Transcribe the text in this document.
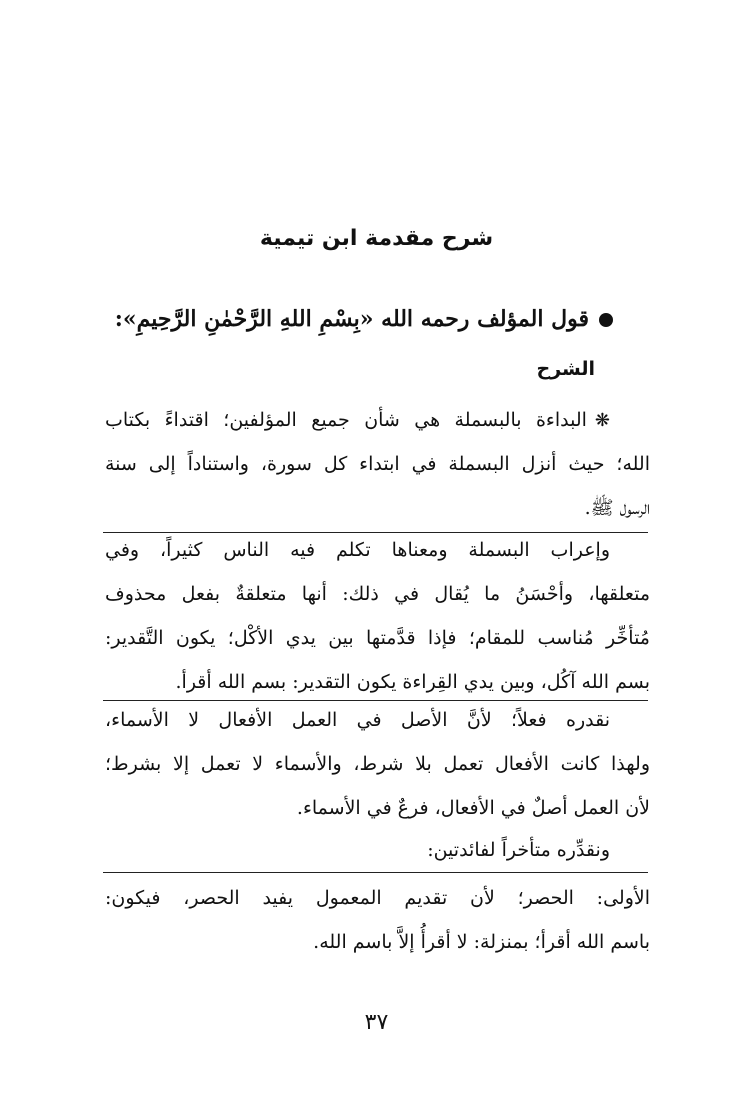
شرح مقدمة ابن تيمية
قول المؤلف رحمه الله «بِسْمِ اللهِ الرَّحْمٰنِ الرَّحِيمِ»:
الشرح
❋البداءة بالبسملة هي شأن جميع المؤلفين؛ اقتداءً بكتاب
الله؛ حيث أنزل البسملة في ابتداء كل سورة، واستناداً إلى سنة
الرسول ﷺ.
وإعراب البسملة ومعناها تكلم فيه الناس كثيراً، وفي
متعلقها، وأحْسَنُ ما يُقال في ذلك: أنها متعلقةٌ بفعل محذوف
مُتأخِّر مُناسب للمقام؛ فإذا قدَّمتها بين يدي الأكْل؛ يكون التَّقدير:
بسم الله آكُل، وبين يدي القِراءة يكون التقدير: بسم الله أقرأ.
نقدره فعلاً؛ لأنَّ الأصل في العمل الأفعال لا الأسماء،
ولهذا كانت الأفعال تعمل بلا شرط، والأسماء لا تعمل إلا بشرط؛
لأن العمل أصلٌ في الأفعال، فرعٌ في الأسماء.
ونقدِّره متأخراً لفائدتين:
الأولى: الحصر؛ لأن تقديم المعمول يفيد الحصر، فيكون:
باسم الله أقرأ؛ بمنزلة: لا أقرأُ إلاَّ باسم الله.
٣٧
